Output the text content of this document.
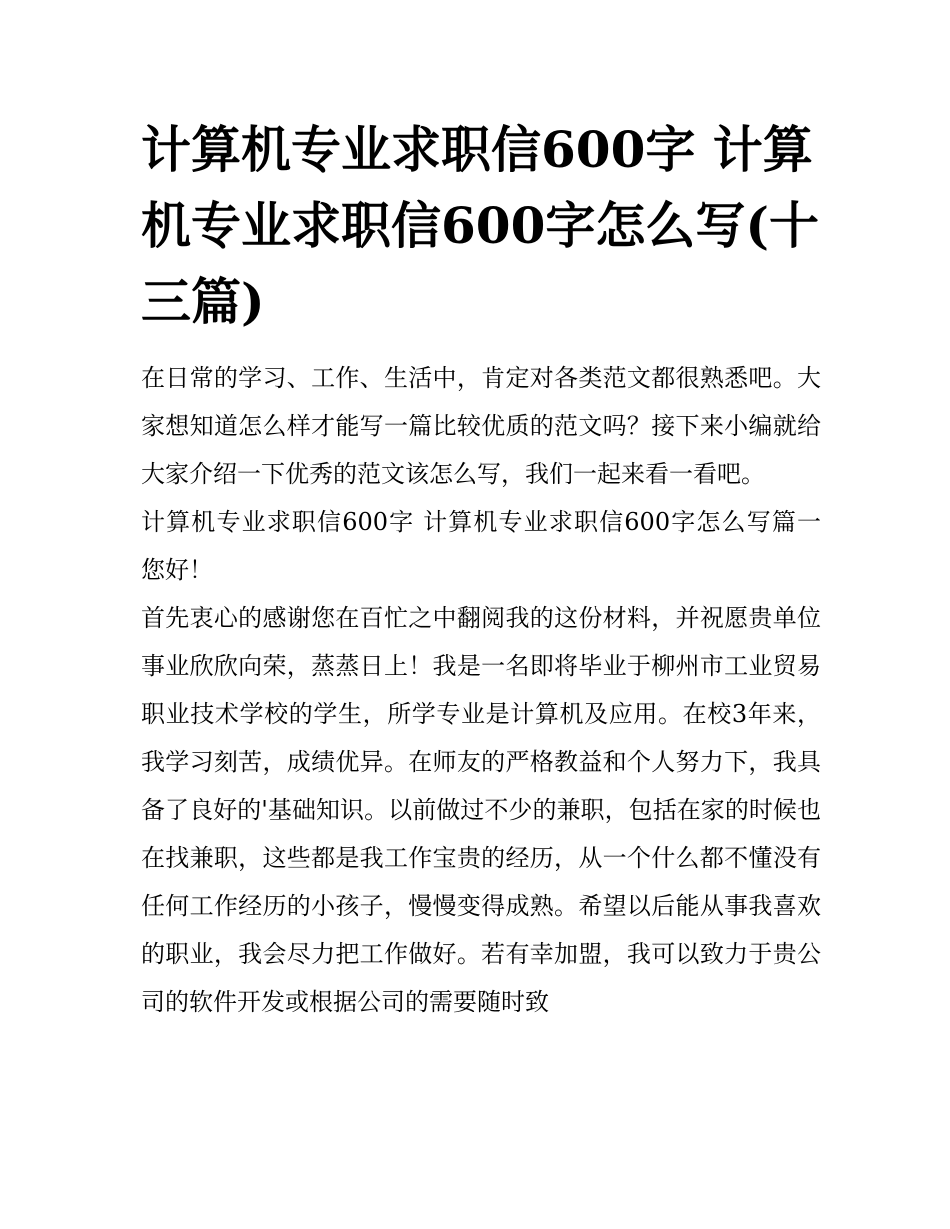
计算机专业求职信600字 计算机专业求职信600字怎么写(十三篇)

在日常的学习、工作、生活中，肯定对各类范文都很熟悉吧。大家想知道怎么样才能写一篇比较优质的范文吗？接下来小编就给大家介绍一下优秀的范文该怎么写，我们一起来看一看吧。

计算机专业求职信600字 计算机专业求职信600字怎么写篇一 您好！

首先衷心的感谢您在百忙之中翻阅我的这份材料，并祝愿贵单位事业欣欣向荣，蒸蒸日上！我是一名即将毕业于柳州市工业贸易职业技术学校的学生，所学专业是计算机及应用。在校3年来，我学习刻苦，成绩优异。在师友的严格教益和个人努力下，我具备了良好的'基础知识。以前做过不少的兼职，包括在家的时候也在找兼职，这些都是我工作宝贵的经历，从一个什么都不懂没有任何工作经历的小孩子，慢慢变得成熟。希望以后能从事我喜欢的职业，我会尽力把工作做好。若有幸加盟，我可以致力于贵公司的软件开发或根据公司的需要随时致
